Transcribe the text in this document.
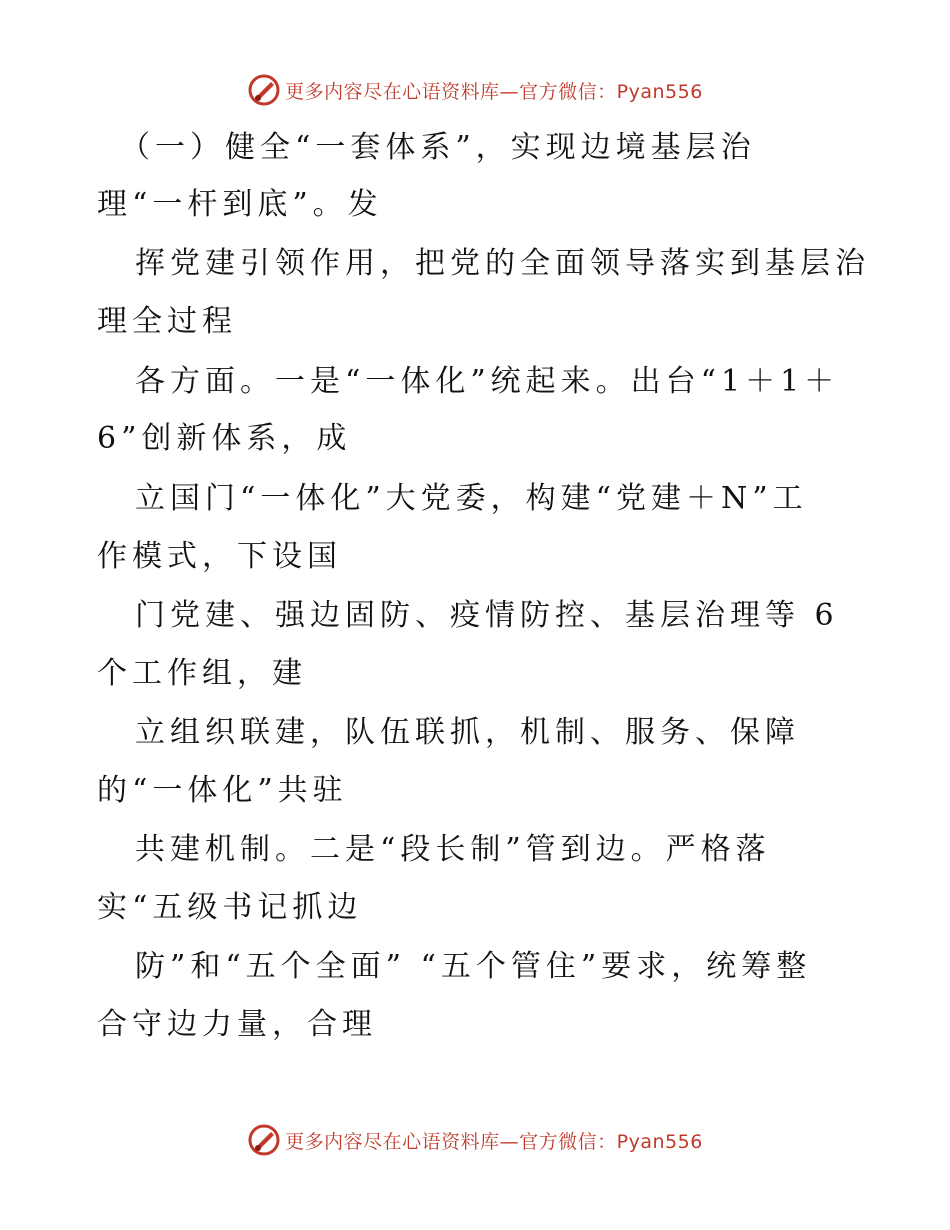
更多内容尽在心语资料库—官方微信：Pyan556
（一）健全“一套体系”，实现边境基层治
理“一杆到底”。发
挥党建引领作用，把党的全面领导落实到基层治
理全过程
各方面。一是“一体化”统起来。出台“1＋1＋
6”创新体系，成
立国门“一体化”大党委，构建“党建＋N”工
作模式，下设国
门党建、强边固防、疫情防控、基层治理等 6
个工作组，建
立组织联建，队伍联抓，机制、服务、保障
的“一体化”共驻
共建机制。二是“段长制”管到边。严格落
实“五级书记抓边
防”和“五个全面” “五个管住”要求，统筹整
合守边力量，合理
更多内容尽在心语资料库—官方微信：Pyan556
